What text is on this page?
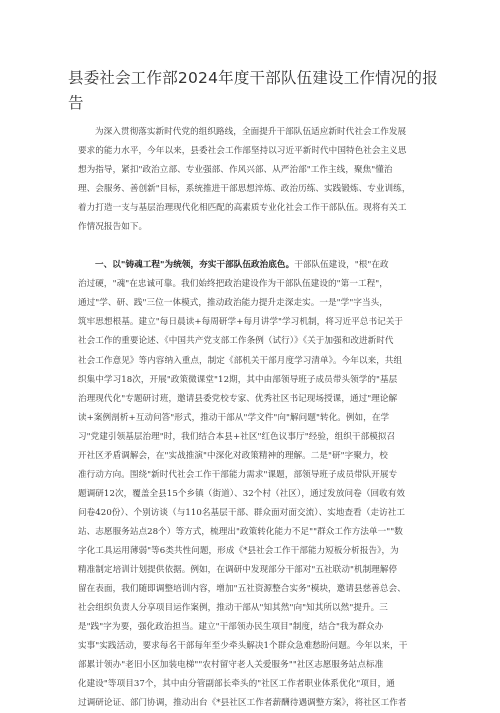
县委社会工作部2024年度干部队伍建设工作情况的报告
为深入贯彻落实新时代党的组织路线，全面提升干部队伍适应新时代社会工作发展
要求的能力水平，今年以来，县委社会工作部坚持以习近平新时代中国特色社会主义思
想为指导，紧扣"政治立部、专业强部、作风兴部、从严治部"工作主线，聚焦"懂治
理、会服务、善创新"目标，系统推进干部思想淬炼、政治历练、实践锻炼、专业训练，
着力打造一支与基层治理现代化相匹配的高素质专业化社会工作干部队伍。现将有关工
作情况报告如下。
一、以"铸魂工程"为统领，夯实干部队伍政治底色。干部队伍建设，"根"在政
治过硬，"魂"在忠诚可靠。我们始终把政治建设作为干部队伍建设的"第一工程"，
通过"学、研、践"三位一体模式，推动政治能力提升走深走实。一是"学"字当头，
筑牢思想根基。建立"每日晨读+每周研学+每月讲学"学习机制，将习近平总书记关于
社会工作的重要论述、《中国共产党支部工作条例（试行）》《关于加强和改进新时代
社会工作意见》等内容纳入重点，制定《部机关干部月度学习清单》。今年以来，共组
织集中学习18次，开展"政策微课堂"12期，其中由部领导班子成员带头领学的"基层
治理现代化"专题研讨班，邀请县委党校专家、优秀社区书记现场授课，通过"理论解
读+案例剖析+互动问答"形式，推动干部从"学文件"向"解问题"转化。例如，在学
习"党建引领基层治理"时，我们结合本县+社区"红色议事厅"经验，组织干部模拟召
开社区矛盾调解会，在"实战推演"中深化对政策精神的理解。二是"研"字聚力，校
准行动方向。围绕"新时代社会工作干部能力需求"课题，部领导班子成员带队开展专
题调研12次，覆盖全县15个乡镇（街道）、32个村（社区），通过发放问卷（回收有效
问卷420份）、个别访谈（与110名基层干部、群众面对面交流）、实地查看（走访社工
站、志愿服务站点28个）等方式，梳理出"政策转化能力不足""群众工作方法单一""数
字化工具运用薄弱"等6类共性问题，形成《*县社会工作干部能力短板分析报告》，为
精准制定培训计划提供依据。例如，在调研中发现部分干部对"五社联动"机制理解停
留在表面，我们随即调整培训内容，增加"五社资源整合实务"模块，邀请县慈善总会、
社会组织负责人分享项目运作案例，推动干部从"知其然"向"知其所以然"提升。三
是"践"字为要，强化政治担当。建立"干部领办民生项目"制度，结合"我为群众办
实事"实践活动，要求每名干部每年至少牵头解决1个群众急难愁盼问题。今年以来，干
部累计领办"老旧小区加装电梯""农村留守老人关爱服务""社区志愿服务站点标准
化建设"等项目37个，其中由分管副部长牵头的"社区工作者职业体系优化"项目，通
过调研论证、部门协调，推动出台《*县社区工作者薪酬待遇调整方案》，将社区工作者
